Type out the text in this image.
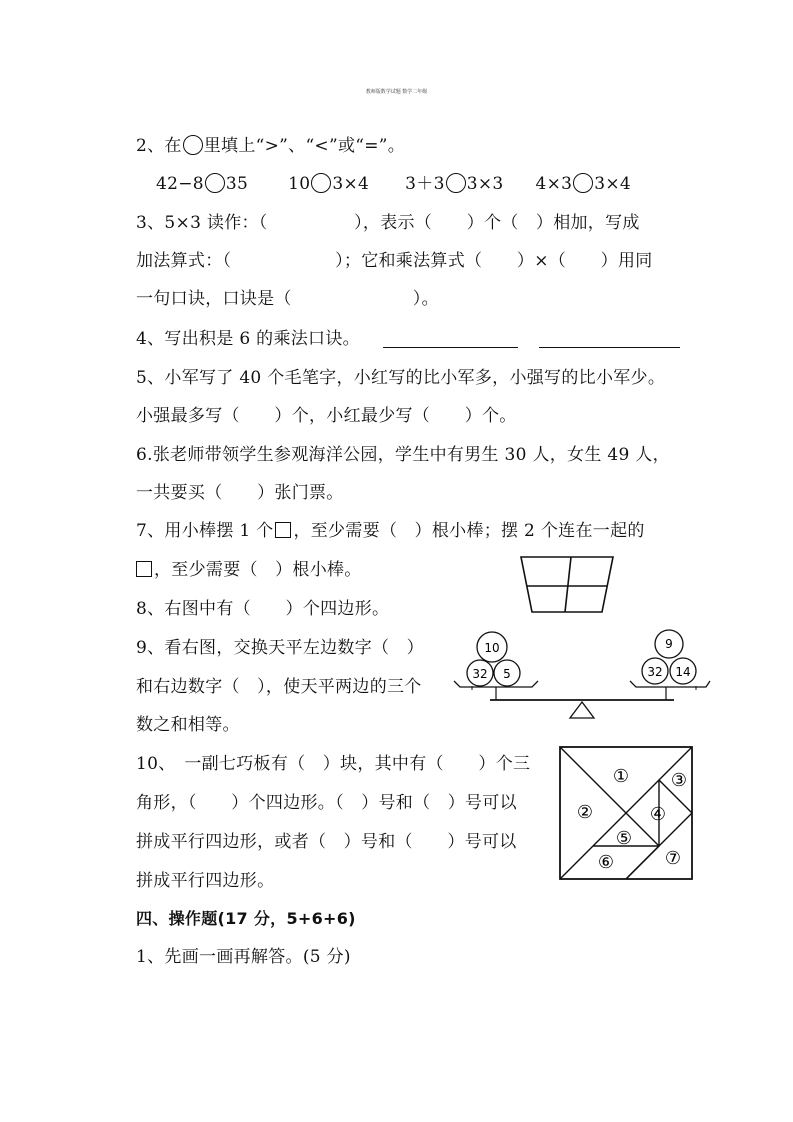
教师版数学试题 数学二年级
2、在 里填上“>”、“<”或“=”。
42−8 35 10 3×4 3＋3 3×3 4×3 3×4
3、5×3 读作：（　　　　　），表示（　　）个（　）相加，写成
加法算式：（　　　　　　）；它和乘法算式（　　）×（　　）用同
一句口诀，口诀是（　　　　　　　）。
4、写出积是 6 的乘法口诀。
5、小军写了 40 个毛笔字，小红写的比小军多，小强写的比小军少。
小强最多写（　　）个，小红最少写（　　）个。
6.张老师带领学生参观海洋公园，学生中有男生 30 人，女生 49 人，
一共要买（　　）张门票。
7、用小棒摆 1 个 ，至少需要（　）根小棒；摆 2 个连在一起的
，至少需要（　）根小棒。
8、右图中有（　　）个四边形。
9、看右图，交换天平左边数字（　）
和右边数字（　），使天平两边的三个
数之和相等。
10
32 5
9
32 14
10、　一副七巧板有（　）块，其中有（　　）个三
角形，（　　）个四边形。（　）号和（　）号可以
拼成平行四边形，或者（　）号和（　　）号可以
拼成平行四边形。
①
②
③
④
⑤
⑥	⑦
四、操作题(17 分，5+6+6)
1、先画一画再解答。(5 分)
